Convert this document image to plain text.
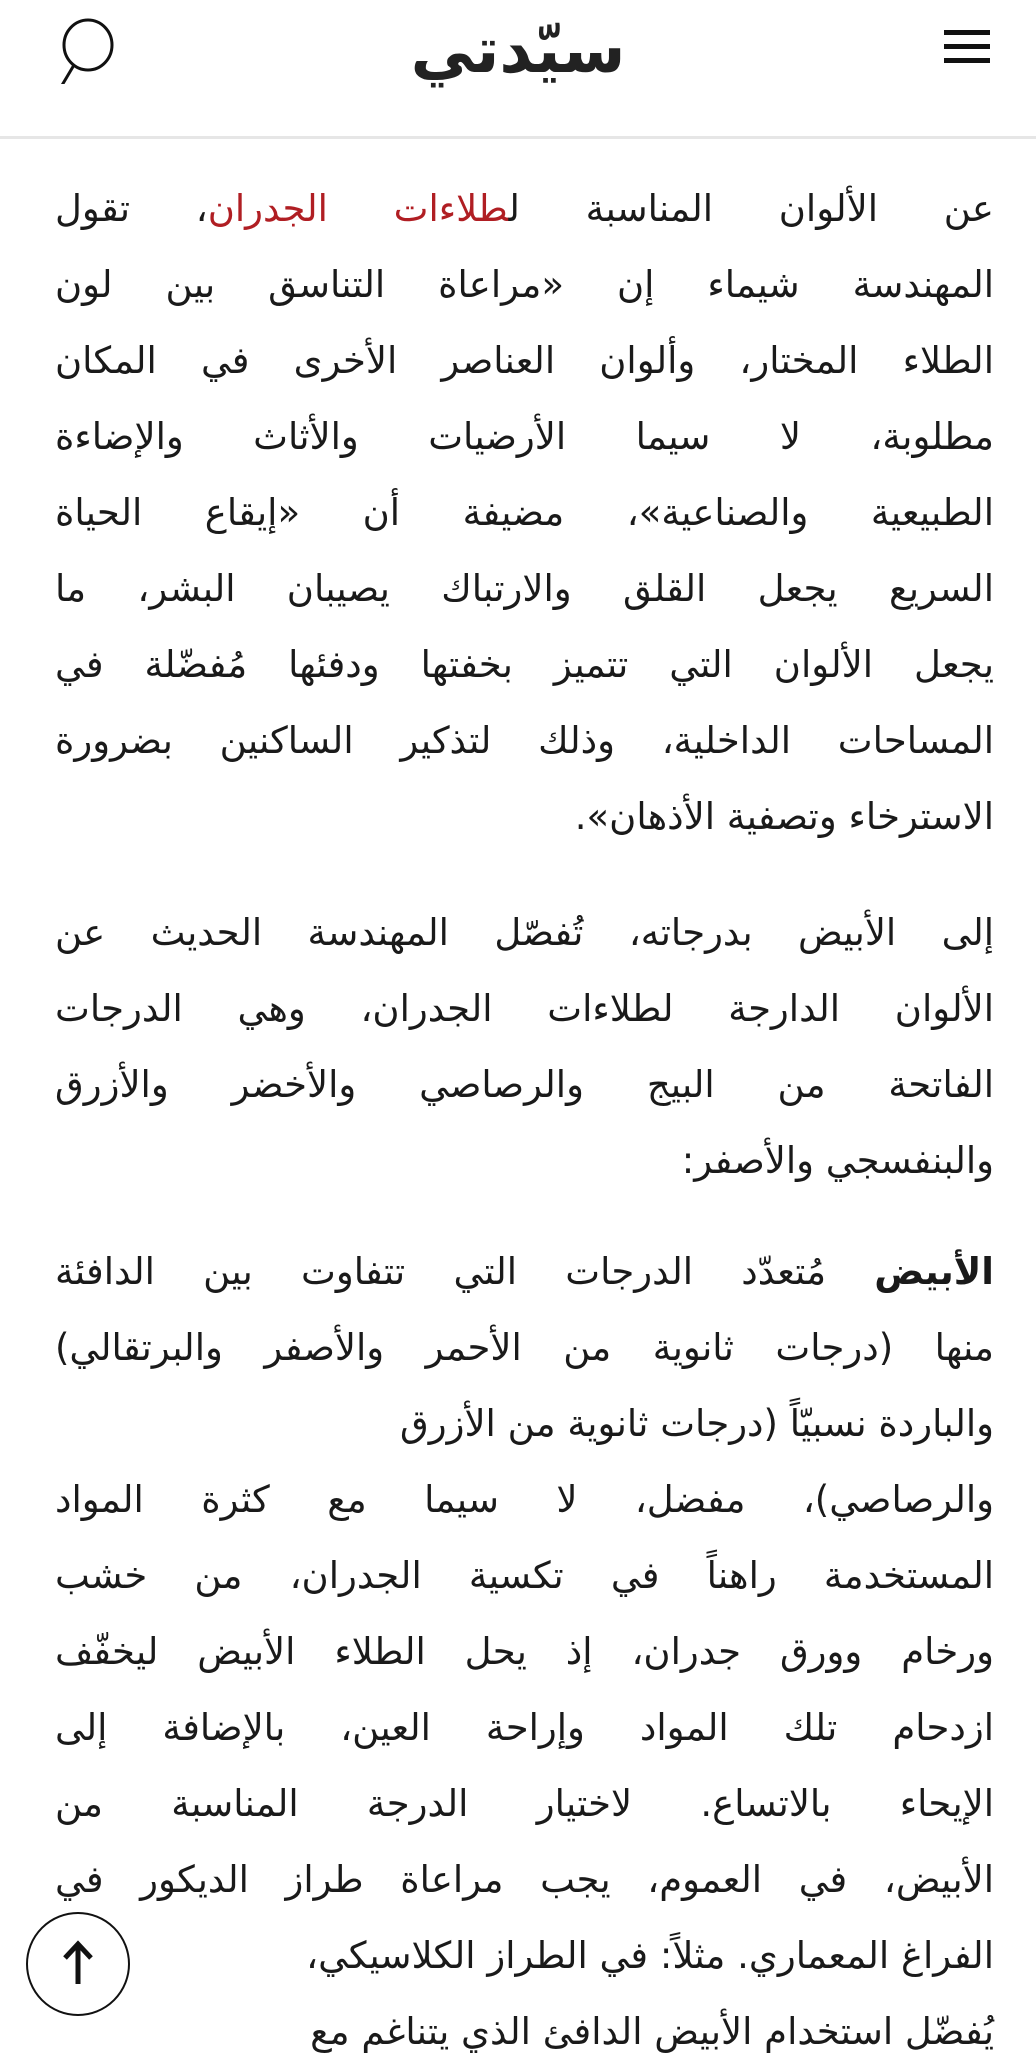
سيّدتي
عن الألوان المناسبة لطلاءات الجدران، تقول
المهندسة شيماء إن «مراعاة التناسق بين لون
الطلاء المختار، وألوان العناصر الأخرى في المكان
مطلوبة، لا سيما الأرضيات والأثاث والإضاءة
الطبيعية والصناعية»، مضيفة أن «إيقاع الحياة
السريع يجعل القلق والارتباك يصيبان البشر، ما
يجعل الألوان التي تتميز بخفتها ودفئها مُفضّلة في
المساحات الداخلية، وذلك لتذكير الساكنين بضرورة
الاسترخاء وتصفية الأذهان».
إلى الأبيض بدرجاته، تُفصّل المهندسة الحديث عن
الألوان الدارجة لطلاءات الجدران، وهي الدرجات
الفاتحة من البيج والرصاصي والأخضر والأزرق
والبنفسجي والأصفر:
الأبيض مُتعدّد الدرجات التي تتفاوت بين الدافئة
منها (درجات ثانوية من الأحمر والأصفر والبرتقالي)
والباردة نسبيّاً (درجات ثانوية من الأزرق
والرصاصي)، مفضل، لا سيما مع كثرة المواد
المستخدمة راهناً في تكسية الجدران، من خشب
ورخام وورق جدران، إذ يحل الطلاء الأبيض ليخفّف
ازدحام تلك المواد وإراحة العين، بالإضافة إلى
الإيحاء بالاتساع. لاختيار الدرجة المناسبة من
الأبيض، في العموم، يجب مراعاة طراز الديكور في
الفراغ المعماري. مثلاً: في الطراز الكلاسيكي،
يُفضّل استخدام الأبيض الدافئ الذي يتناغم مع
